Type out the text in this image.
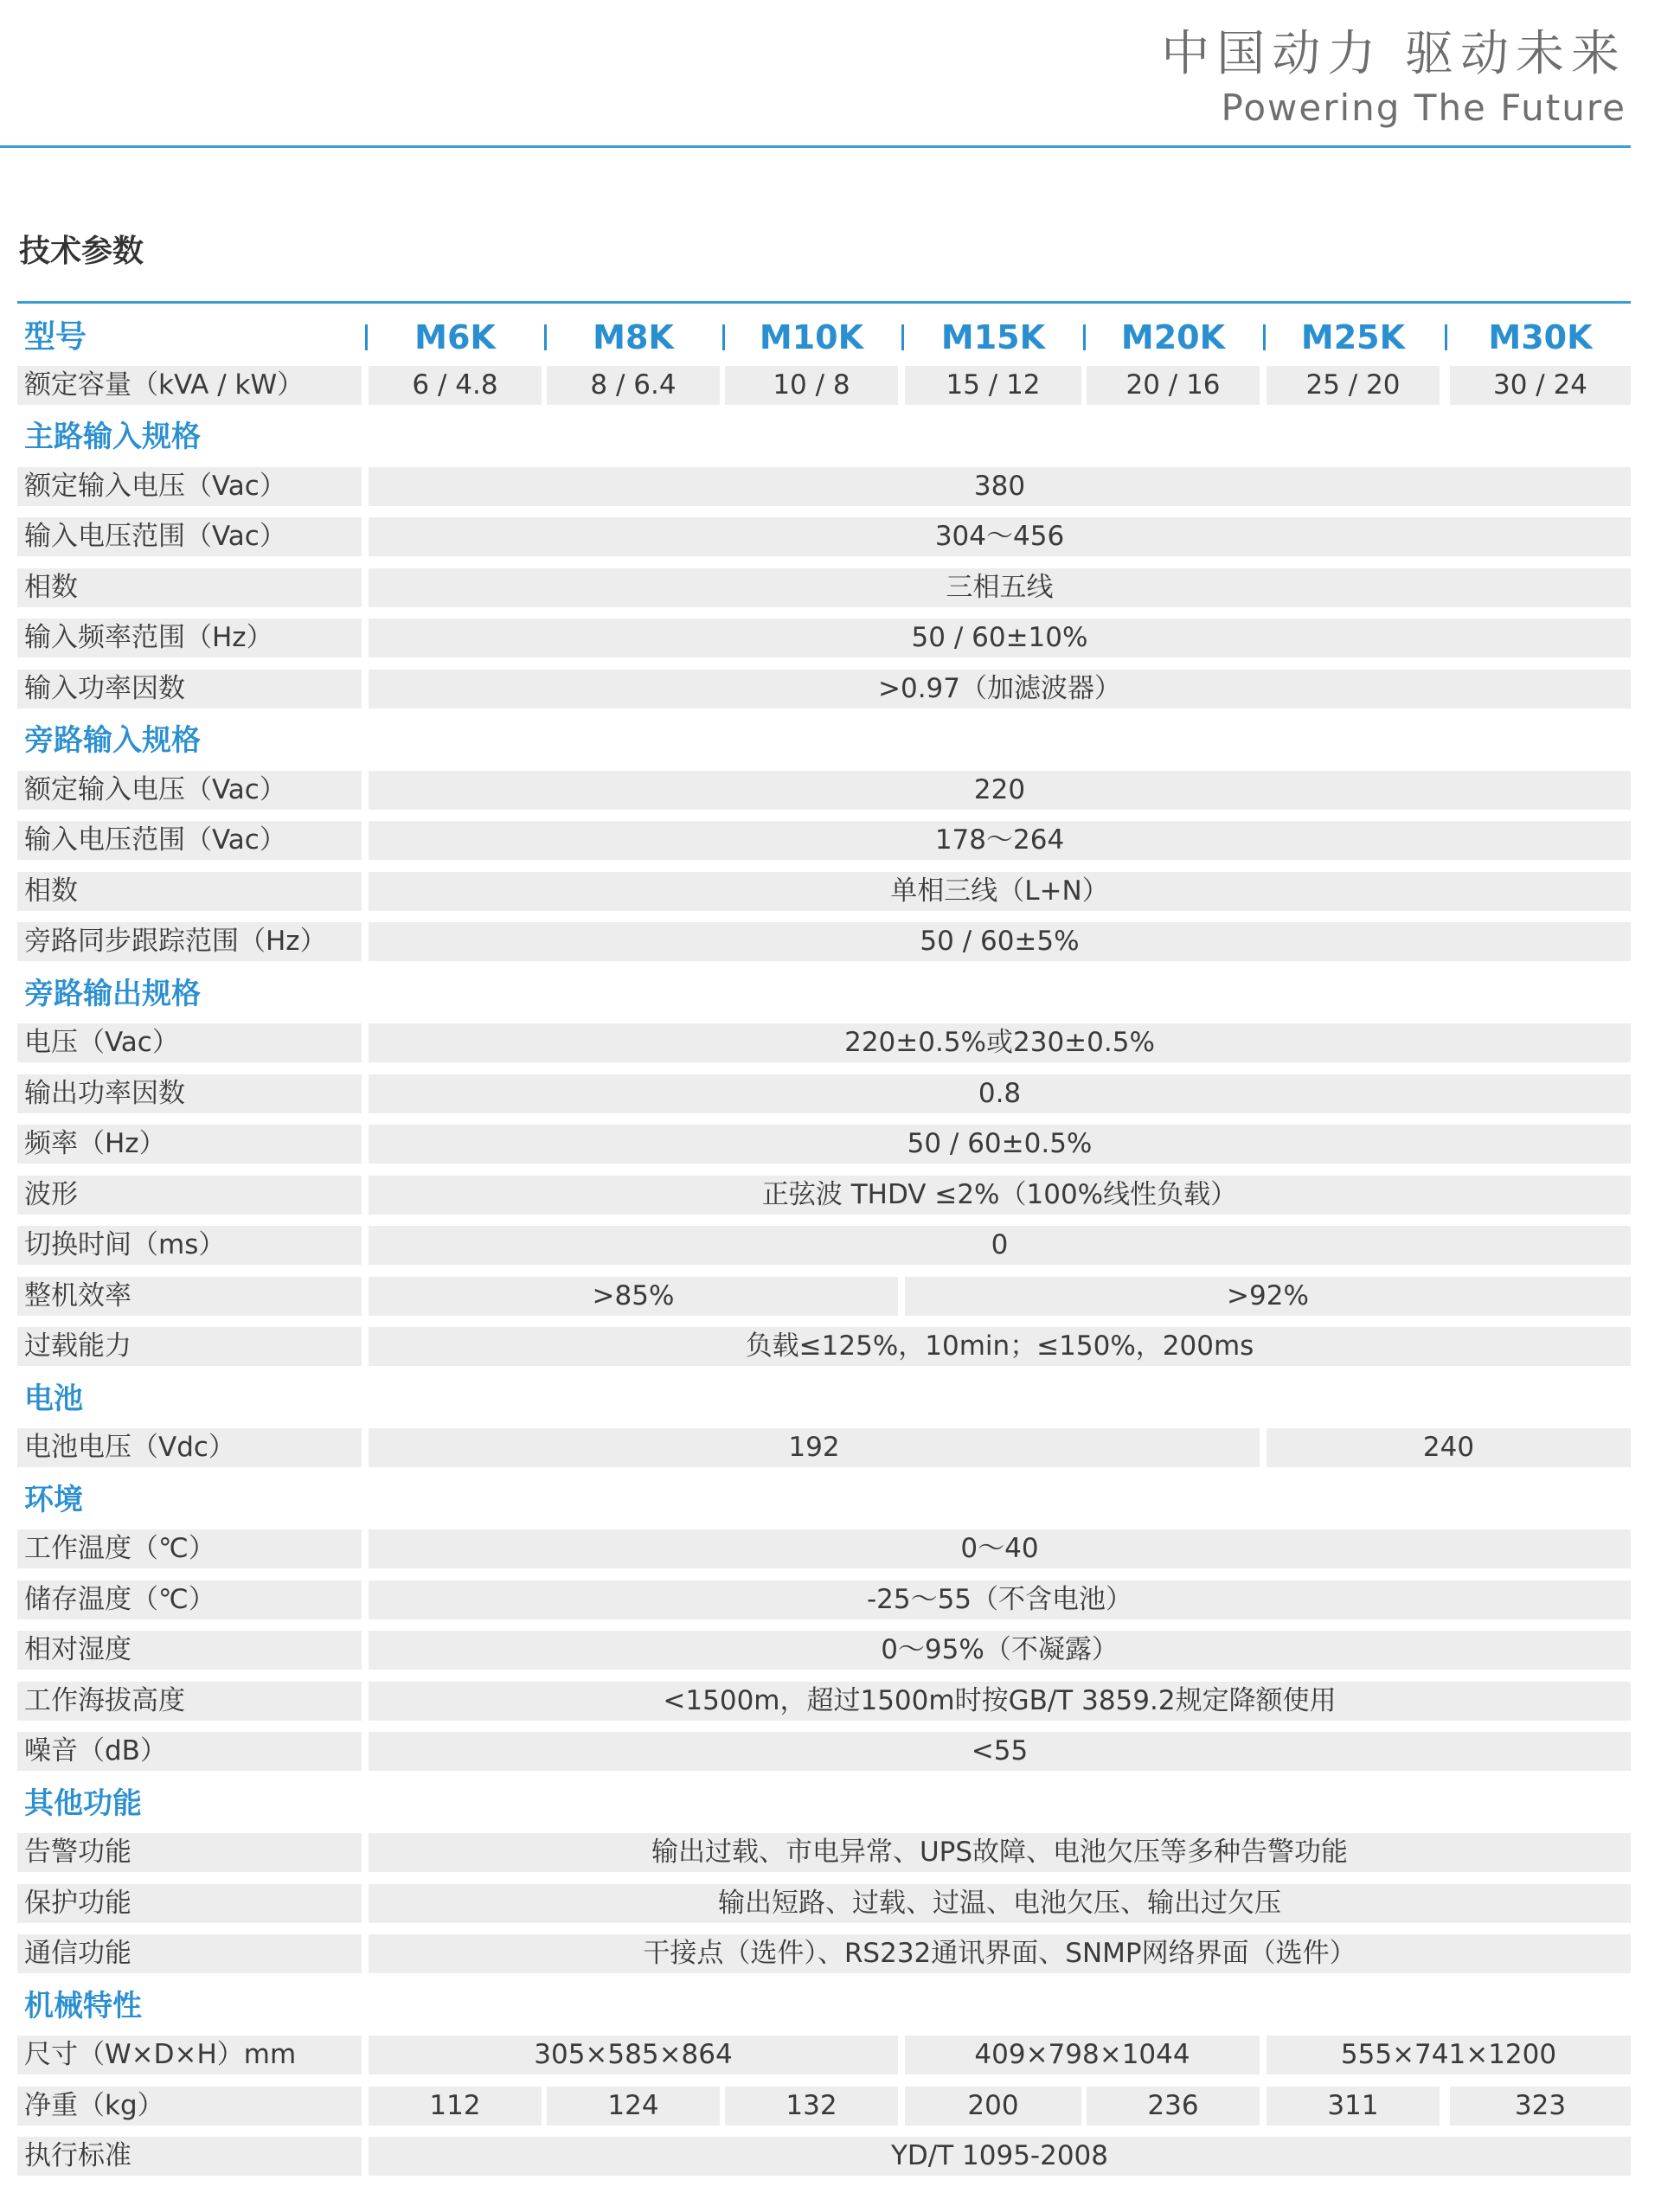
中国动力 驱动未来
Powering The Future
技术参数
型号	M6K	M8K	M10K	M15K	M20K	M25K	M30K
额定容量（kVA / kW）	6 / 4.8	8 / 6.4	10 / 8	15 / 12	20 / 16	25 / 20	30 / 24
主路输入规格
额定输入电压（Vac）	380
输入电压范围（Vac）	304～456
相数	三相五线
输入频率范围（Hz）	50 / 60±10%
输入功率因数	>0.97（加滤波器）
旁路输入规格
额定输入电压（Vac）	220
输入电压范围（Vac）	178～264
相数	单相三线（L+N）
旁路同步跟踪范围（Hz）	50 / 60±5%
旁路输出规格
电压（Vac）	220±0.5%或230±0.5%
输出功率因数	0.8
频率（Hz）	50 / 60±0.5%
波形	正弦波 THDV ≤2%（100%线性负载）
切换时间（ms）	0
整机效率	>85%	>92%
过载能力	负载≤125%，10min；≤150%，200ms
电池
电池电压（Vdc）	192	240
环境
工作温度（℃）	0～40
储存温度（℃）	-25～55（不含电池）
相对湿度	0～95%（不凝露）
工作海拔高度	<1500m，超过1500m时按GB/T 3859.2规定降额使用
噪音（dB）	<55
其他功能
告警功能	输出过载、市电异常、UPS故障、电池欠压等多种告警功能
保护功能	输出短路、过载、过温、电池欠压、输出过欠压
通信功能	干接点（选件）、RS232通讯界面、SNMP网络界面（选件）
机械特性
尺寸（W×D×H）mm	305×585×864	409×798×1044	555×741×1200
净重（kg）	112	124	132	200	236	311	323
执行标准	YD/T 1095-2008
